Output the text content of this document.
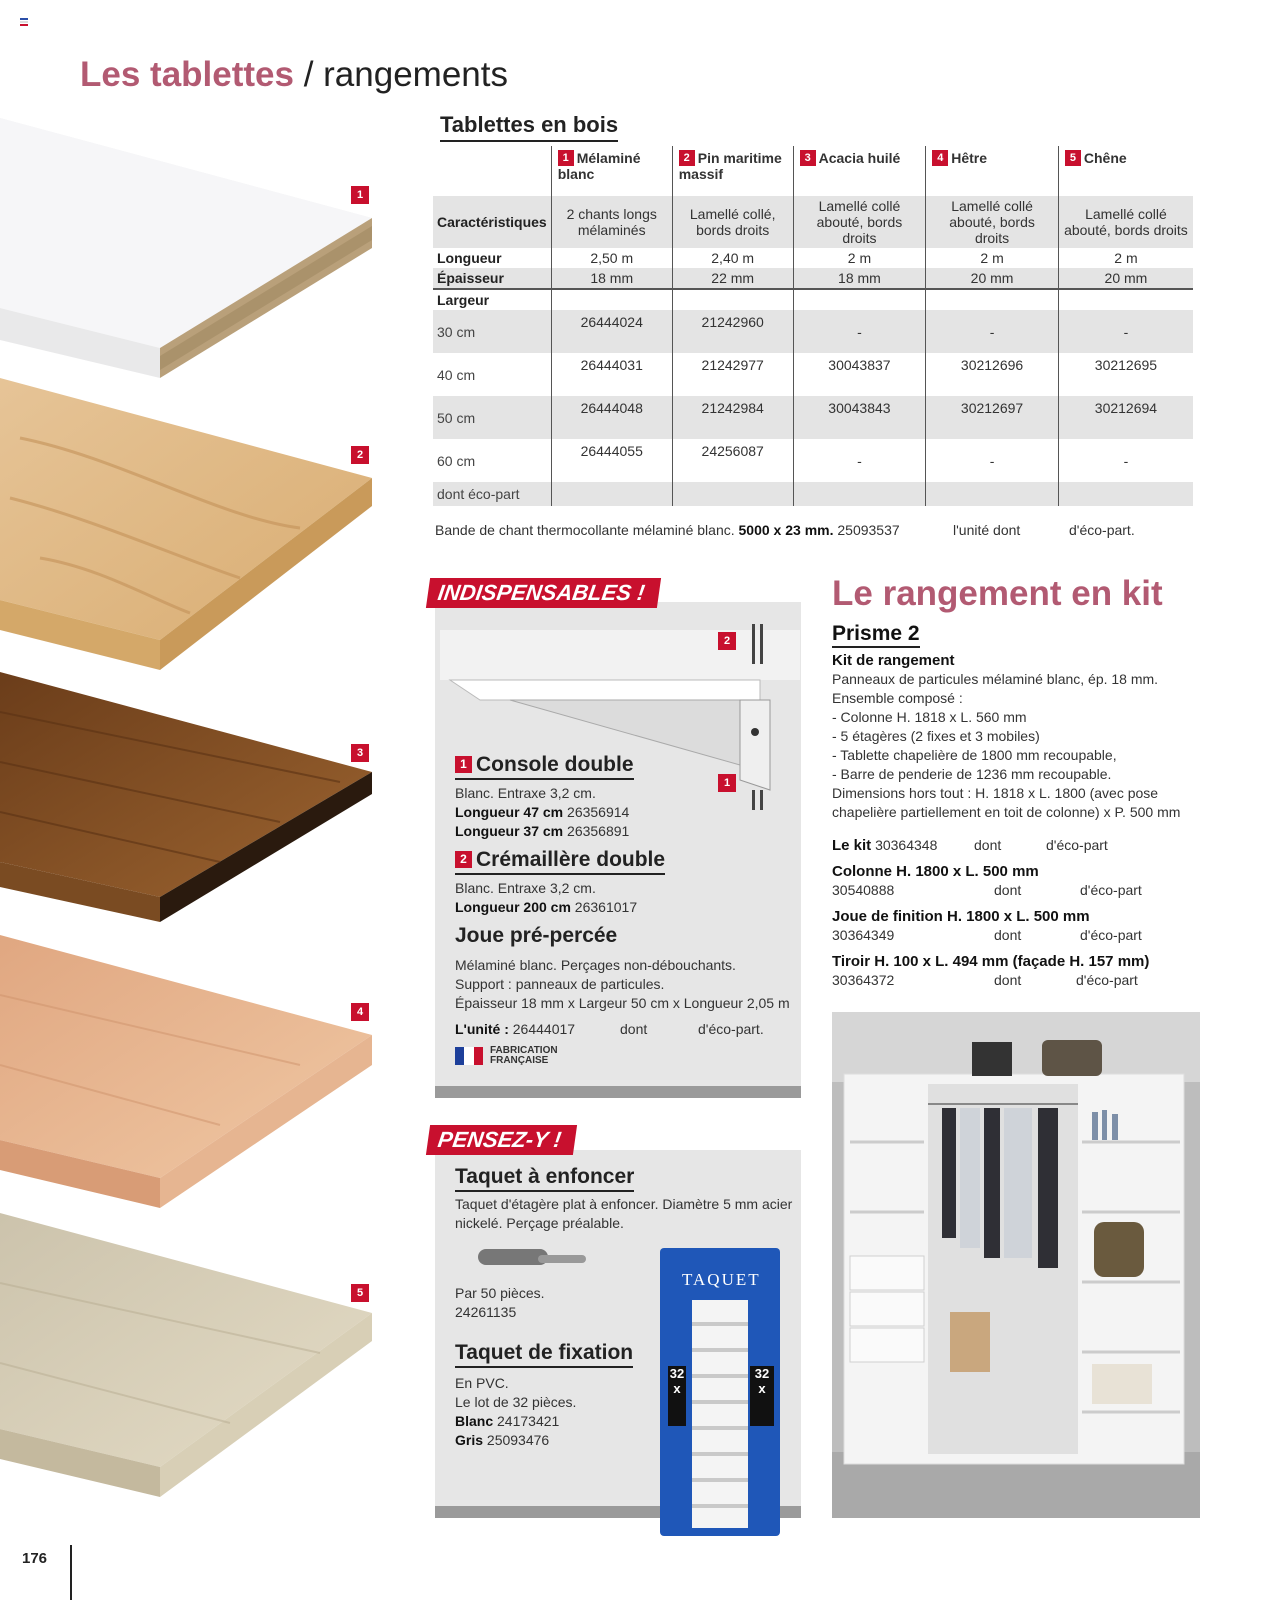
Les tablettes / rangements
1
2
3
4
5
Tablettes en bois
	1 Mélaminé blanc	2 Pin maritime massif	3 Acacia huilé	4 Hêtre	5 Chêne
Caractéristiques	2 chants longs mélaminés	Lamellé collé, bords droits	Lamellé collé abouté, bords droits	Lamellé collé abouté, bords droits	Lamellé collé abouté, bords droits
Longueur	2,50 m	2,40 m	2 m	2 m	2 m
Épaisseur	18 mm	22 mm	18 mm	20 mm	20 mm
Largeur					
30 cm	26444024	21242960	-	-	-
40 cm	26444031	21242977	30043837	30212696	30212695
50 cm	26444048	21242984	30043843	30212697	30212694
60 cm	26444055	24256087	-	-	-
dont éco-part					
Bande de chant thermocollante mélaminé blanc. 5000 x 23 mm. 25093537	l'unité dont	d'éco-part.
INDISPENSABLES !
2
1
1 Console double
Blanc. Entraxe 3,2 cm.
Longueur 47 cm 26356914
Longueur 37 cm 26356891
2 Crémaillère double
Blanc. Entraxe 3,2 cm.
Longueur 200 cm 26361017
Joue pré-percée
Mélaminé blanc. Perçages non-débouchants.
Support : panneaux de particules.
Épaisseur 18 mm x Largeur 50 cm x Longueur 2,05 m
L'unité : 26444017	dont	d'éco-part.
FABRICATION
FRANÇAISE
PENSEZ-Y !
Taquet à enfoncer
Taquet d'étagère plat à enfoncer. Diamètre 5 mm acier
nickelé. Perçage préalable.
Par 50 pièces.
24261135
Taquet de fixation
En PVC.
Le lot de 32 pièces.
Blanc 24173421
Gris 25093476
TAQUET
32
x
32
x
Le rangement en kit
Prisme 2
Kit de rangement
Panneaux de particules mélaminé blanc, ép. 18 mm.
Ensemble composé :
- Colonne H. 1818 x L. 560 mm
- 5 étagères (2 fixes et 3 mobiles)
- Tablette chapelière de 1800 mm recoupable,
- Barre de penderie de 1236 mm recoupable.
Dimensions hors tout : H. 1818 x L. 1800 (avec pose
chapelière partiellement en toit de colonne) x P. 500 mm
Le kit 30364348	dont	d'éco-part
Colonne H. 1800 x L. 500 mm
30540888	dont	d'éco-part
Joue de finition H. 1800 x L. 500 mm
30364349	dont	d'éco-part
Tiroir H. 100 x L. 494 mm (façade H. 157 mm)
30364372	dont	d'éco-part
176
